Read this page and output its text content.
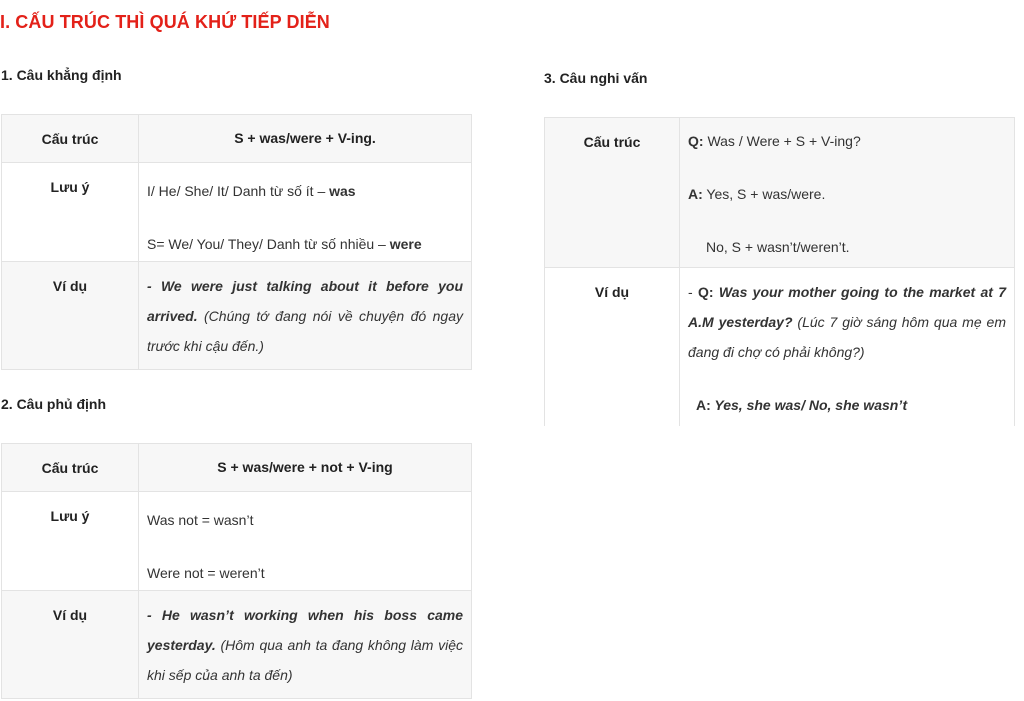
I. CẤU TRÚC THÌ QUÁ KHỨ TIẾP DIỄN
1. Câu khẳng định
Cấu trúc	S + was/were + V-ing.
Lưu ý	I/ He/ She/ It/ Danh từ số ít – was
S= We/ You/ They/ Danh từ số nhiều – were

Ví dụ	- We were just talking about it before you arrived. (Chúng tớ đang nói về chuyện đó ngay trước khi cậu đến.)
2. Câu phủ định
Cấu trúc	S + was/were + not + V-ing
Lưu ý	Was not = wasn’t
Were not = weren’t

Ví dụ	- He wasn’t working when his boss came yesterday. (Hôm qua anh ta đang không làm việc khi sếp của anh ta đến)
3. Câu nghi vấn
Cấu trúc	Q: Was / Were + S + V-ing?
A: Yes, S + was/were.
No, S + wasn’t/weren’t.

Ví dụ	- Q: Was your mother going to the market at 7 A.M yesterday? (Lúc 7 giờ sáng hôm qua mẹ em đang đi chợ có phải không?)
A: Yes, she was/ No, she wasn’t
